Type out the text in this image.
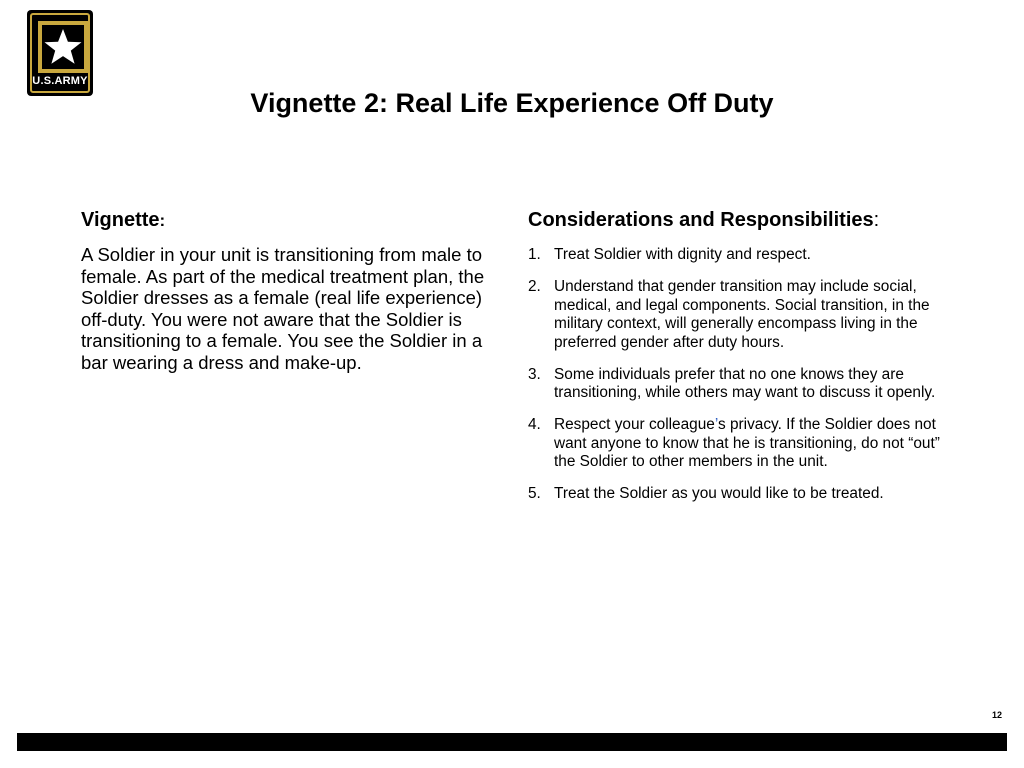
U.S.ARMY
Vignette 2: Real Life Experience Off Duty
Vignette:

A Soldier in your unit is transitioning from male to female. As part of the medical treatment plan, the Soldier dresses as a female (real life experience) off-duty. You were not aware that the Soldier is transitioning to a female. You see the Soldier in a bar wearing a dress and make-up.

Considerations and Responsibilities:
1. Treat Soldier with dignity and respect.
2. Understand that gender transition may include social, medical, and legal components. Social transition, in the military context, will generally encompass living in the preferred gender after duty hours.
3. Some individuals prefer that no one knows they are transitioning, while others may want to discuss it openly.
4. Respect your colleague’s privacy. If the Soldier does not want anyone to know that he is transitioning, do not “out” the Soldier to other members in the unit.
5. Treat the Soldier as you would like to be treated.
12
